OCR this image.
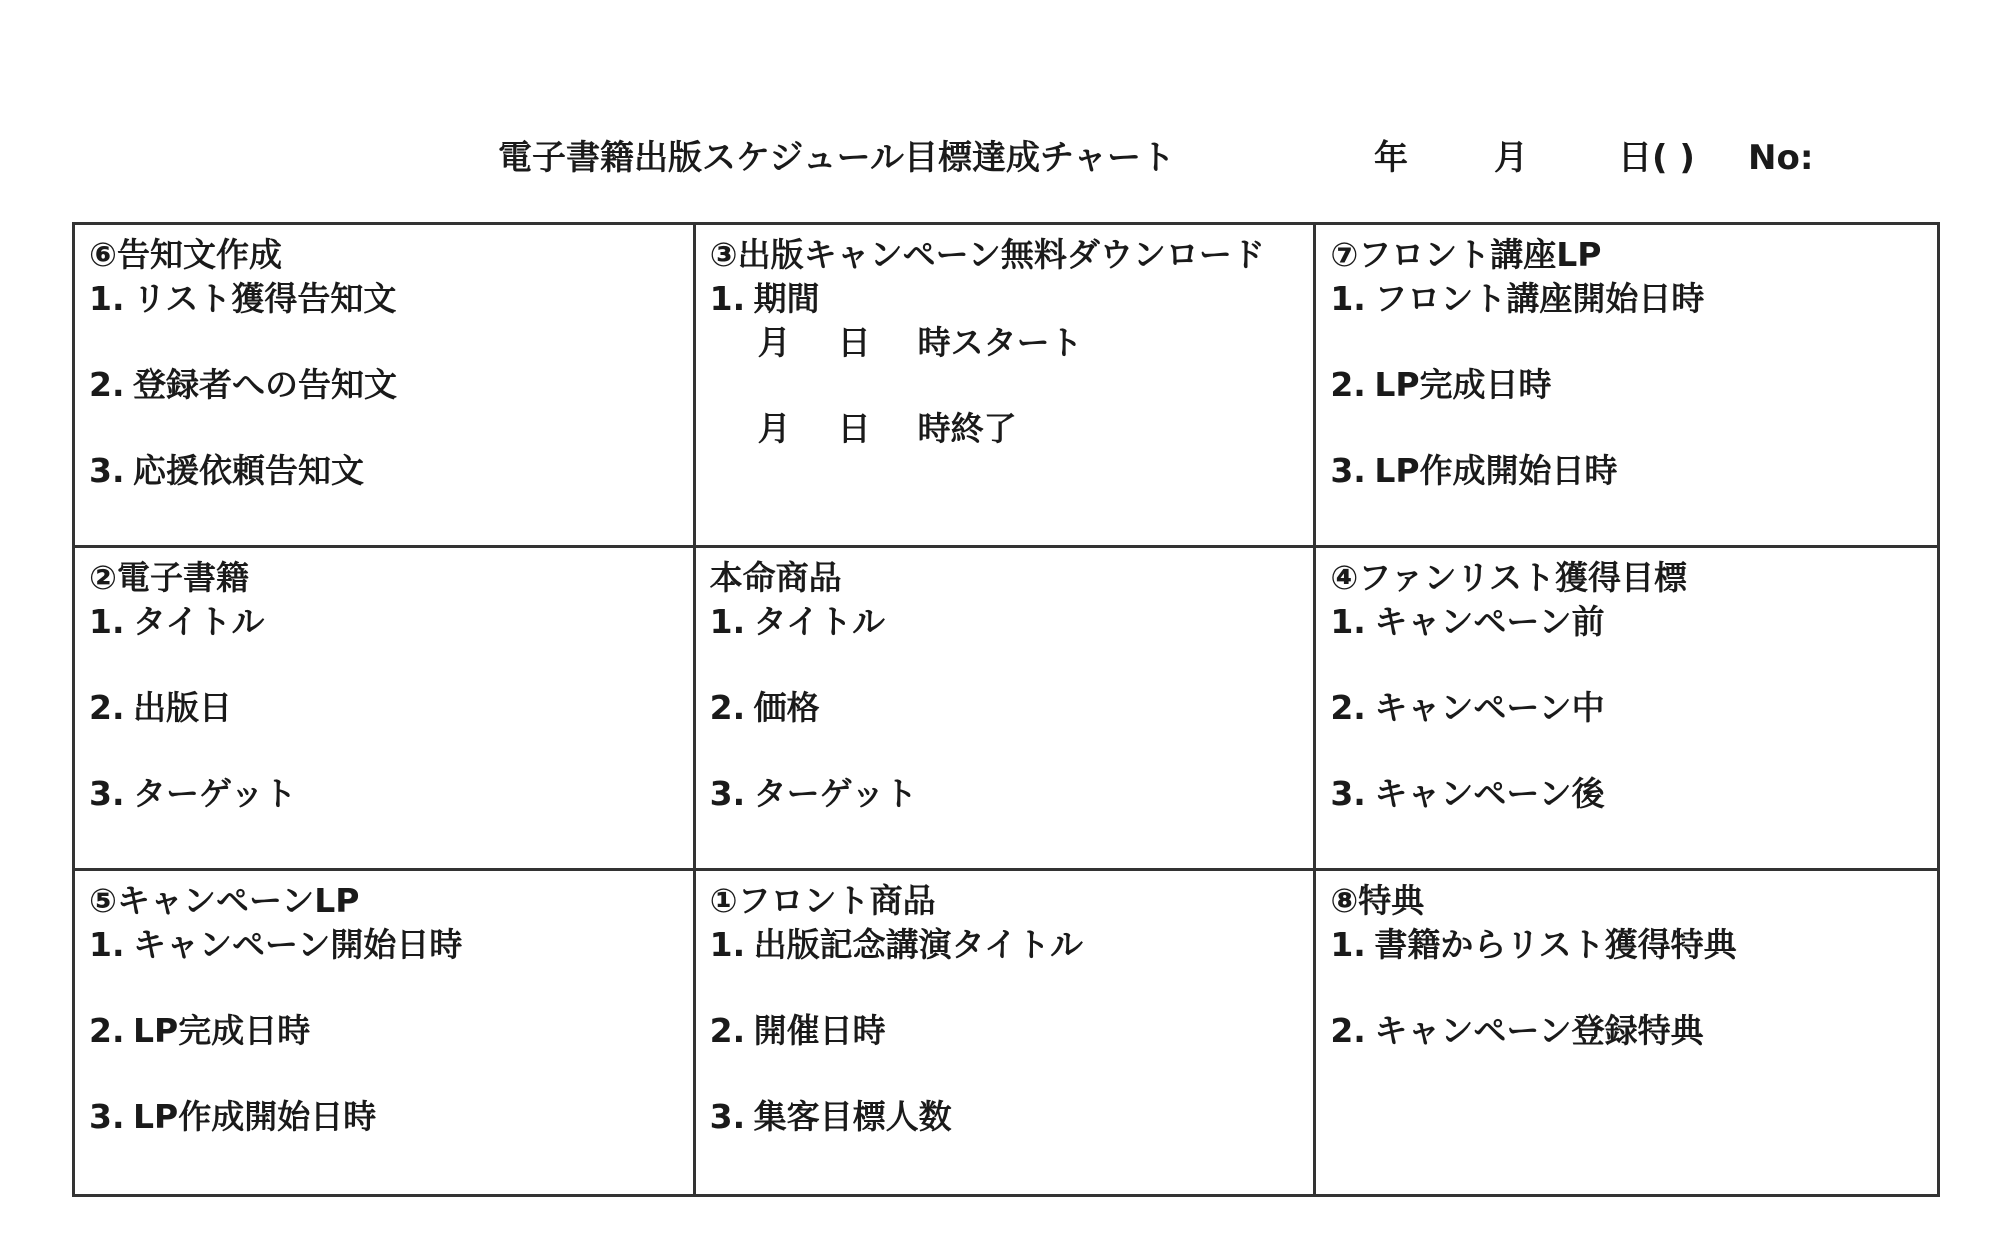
電子書籍出版スケジュール目標達成チャート	年	月	日( ) No:
⑥告知文作成
1. リスト獲得告知文
2. 登録者への告知文
3. 応援依頼告知文
③出版キャンペーン無料ダウンロード
1. 期間
月 日 時スタート
月 日 時終了
⑦フロント講座LP
1. フロント講座開始日時
2. LP完成日時
3. LP作成開始日時
②電子書籍
1. タイトル
2. 出版日
3. ターゲット
本命商品
1. タイトル
2. 価格
3. ターゲット
④ファンリスト獲得目標
1. キャンペーン前
2. キャンペーン中
3. キャンペーン後
⑤キャンペーンLP
1. キャンペーン開始日時
2. LP完成日時
3. LP作成開始日時
①フロント商品
1. 出版記念講演タイトル
2. 開催日時
3. 集客目標人数
⑧特典
1. 書籍からリスト獲得特典
2. キャンペーン登録特典
